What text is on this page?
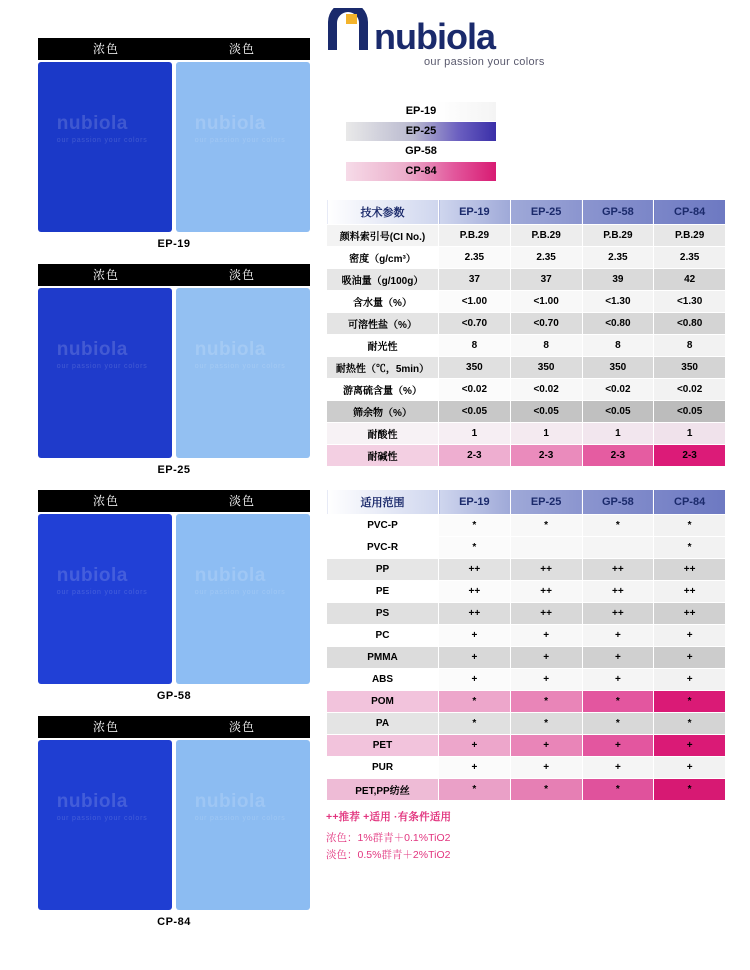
浓色	淡色
nubiola
our passion your colors
nubiola
our passion your colors
EP-19
浓色	淡色
nubiola
our passion your colors
nubiola
our passion your colors
EP-25
浓色	淡色
nubiola
our passion your colors
nubiola
our passion your colors
GP-58
浓色	淡色
nubiola
our passion your colors
nubiola
our passion your colors
CP-84
nubiola
our passion your colors
EP-19
EP-25
GP-58
CP-84
技术参数	EP-19	EP-25	GP-58	CP-84
颜料索引号(CI No.)	P.B.29	P.B.29	P.B.29	P.B.29
密度（g/cm³）	2.35	2.35	2.35	2.35
吸油量（g/100g）	37	37	39	42
含水量（%）	<1.00	<1.00	<1.30	<1.30
可溶性盐（%）	<0.70	<0.70	<0.80	<0.80
耐光性	8	8	8	8
耐热性（℃，5min）	350	350	350	350
游离硫含量（%）	<0.02	<0.02	<0.02	<0.02
筛余物（%）	<0.05	<0.05	<0.05	<0.05
耐酸性	1	1	1	1
耐碱性	2-3	2-3	2-3	2-3
适用范围	EP-19	EP-25	GP-58	CP-84
PVC-P	*	*	*	*
PVC-R	*			*
PP	++	++	++	++
PE	++	++	++	++
PS	++	++	++	++
PC	+	+	+	+
PMMA	+	+	+	+
ABS	+	+	+	+
POM	*	*	*	*
PA	*	*	*	*
PET	+	+	+	+
PUR	+	+	+	+
PET,PP纺丝	*	*	*	*
++推荐 +适用 ·有条件适用
浓色：1%群青＋0.1%TiO2
淡色：0.5%群青＋2%TiO2
